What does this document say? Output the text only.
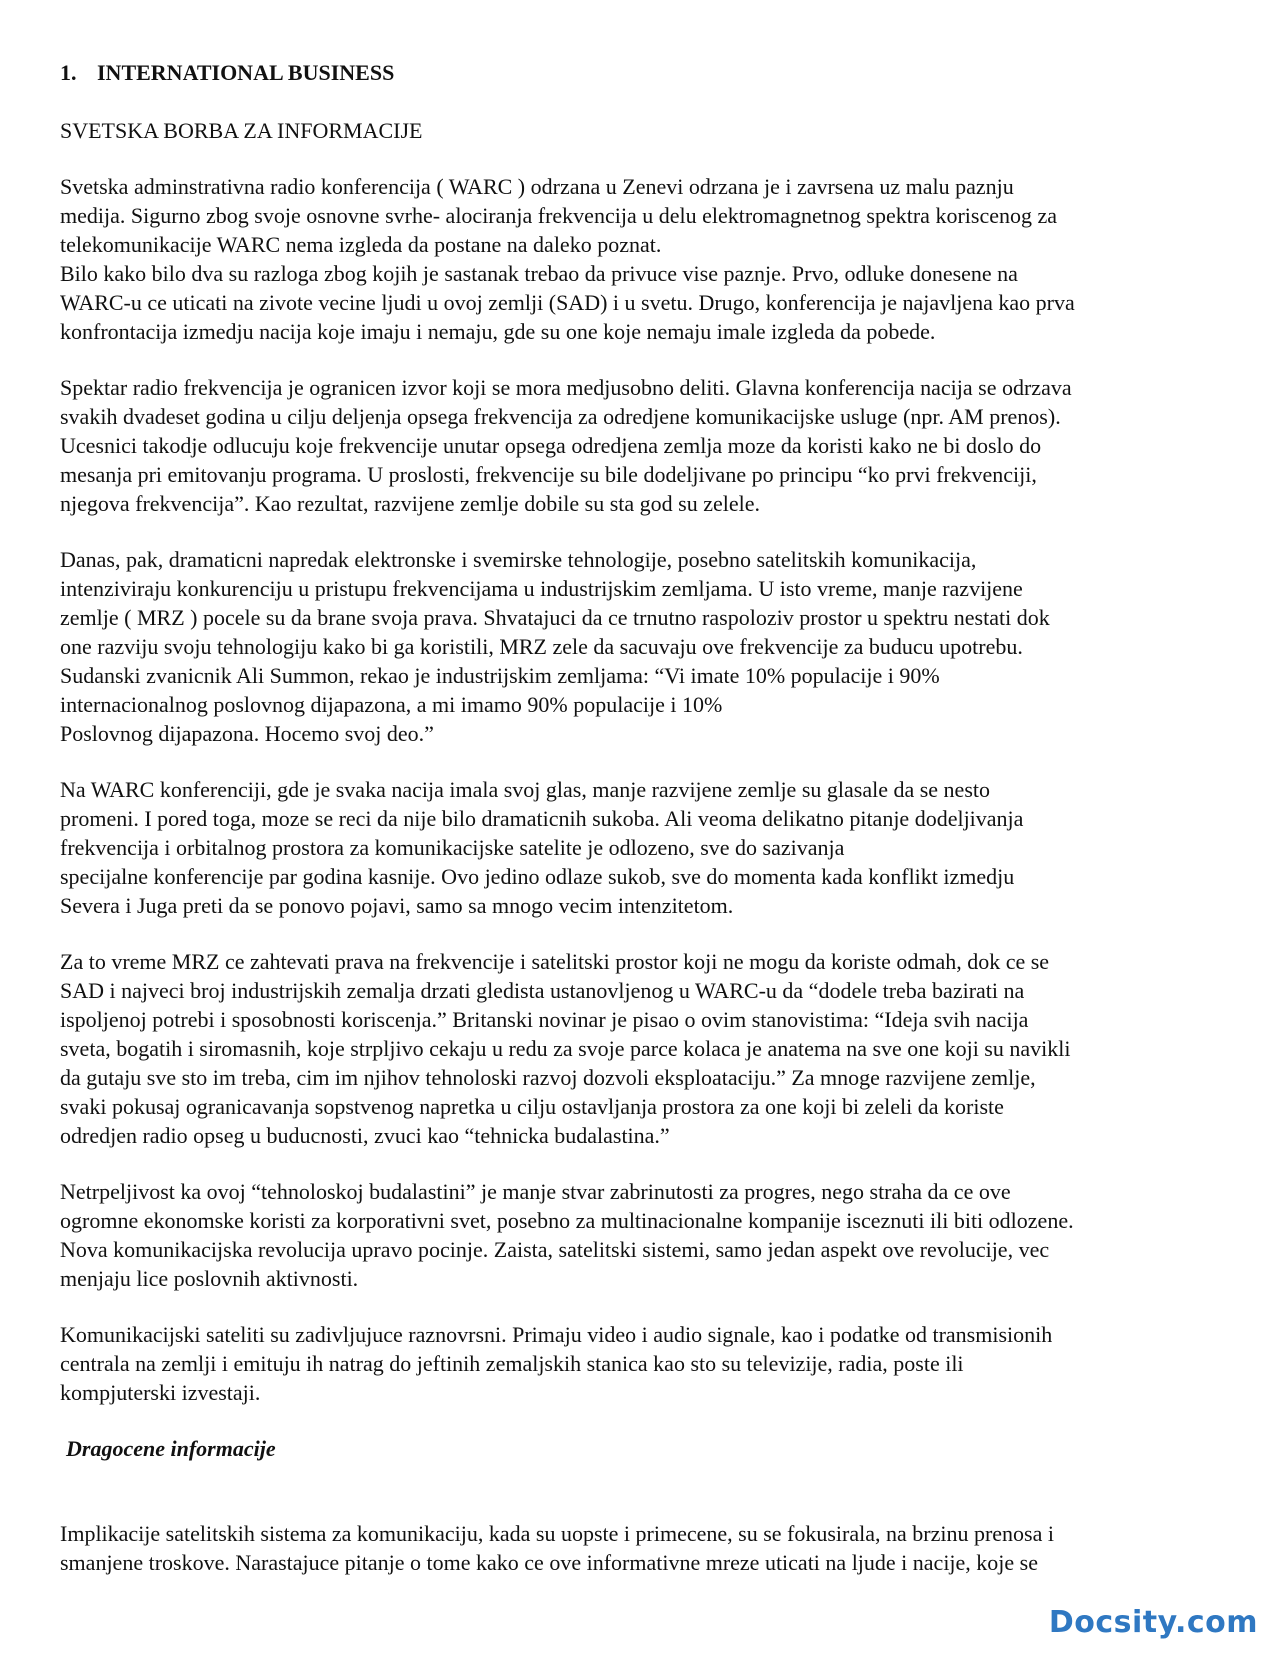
1. INTERNATIONAL BUSINESS
SVETSKA BORBA ZA INFORMACIJE
Svetska adminstrativna radio konferencija ( WARC ) odrzana u Zenevi odrzana je i zavrsena uz malu paznju
medija. Sigurno zbog svoje osnovne svrhe- alociranja frekvencija u delu elektromagnetnog spektra koriscenog za
telekomunikacije WARC nema izgleda da postane na daleko poznat.
Bilo kako bilo dva su razloga zbog kojih je sastanak trebao da privuce vise paznje. Prvo, odluke donesene na
WARC-u ce uticati na zivote vecine ljudi u ovoj zemlji (SAD) i u svetu. Drugo, konferencija je najavljena kao prva
konfrontacija izmedju nacija koje imaju i nemaju, gde su one koje nemaju imale izgleda da pobede.
Spektar radio frekvencija je ogranicen izvor koji se mora medjusobno deliti. Glavna konferencija nacija se odrzava
svakih dvadeset godina u cilju deljenja opsega frekvencija za odredjene komunikacijske usluge (npr. AM prenos).
Ucesnici takodje odlucuju koje frekvencije unutar opsega odredjena zemlja moze da koristi kako ne bi doslo do
mesanja pri emitovanju programa. U proslosti, frekvencije su bile dodeljivane po principu “ko prvi frekvenciji,
njegova frekvencija”. Kao rezultat, razvijene zemlje dobile su sta god su zelele.
Danas, pak, dramaticni napredak elektronske i svemirske tehnologije, posebno satelitskih komunikacija,
intenziviraju konkurenciju u pristupu frekvencijama u industrijskim zemljama. U isto vreme, manje razvijene
zemlje ( MRZ ) pocele su da brane svoja prava. Shvatajuci da ce trnutno raspoloziv prostor u spektru nestati dok
one razviju svoju tehnologiju kako bi ga koristili, MRZ zele da sacuvaju ove frekvencije za buducu upotrebu.
Sudanski zvanicnik Ali Summon, rekao je industrijskim zemljama: “Vi imate 10% populacije i 90%
internacionalnog poslovnog dijapazona, a mi imamo 90% populacije i 10%
Poslovnog dijapazona. Hocemo svoj deo.”
Na WARC konferenciji, gde je svaka nacija imala svoj glas, manje razvijene zemlje su glasale da se nesto
promeni. I pored toga, moze se reci da nije bilo dramaticnih sukoba. Ali veoma delikatno pitanje dodeljivanja
frekvencija i orbitalnog prostora za komunikacijske satelite je odlozeno, sve do sazivanja
specijalne konferencije par godina kasnije. Ovo jedino odlaze sukob, sve do momenta kada konflikt izmedju
Severa i Juga preti da se ponovo pojavi, samo sa mnogo vecim intenzitetom.
Za to vreme MRZ ce zahtevati prava na frekvencije i satelitski prostor koji ne mogu da koriste odmah, dok ce se
SAD i najveci broj industrijskih zemalja drzati gledista ustanovljenog u WARC-u da “dodele treba bazirati na
ispoljenoj potrebi i sposobnosti koriscenja.” Britanski novinar je pisao o ovim stanovistima: “Ideja svih nacija
sveta, bogatih i siromasnih, koje strpljivo cekaju u redu za svoje parce kolaca je anatema na sve one koji su navikli
da gutaju sve sto im treba, cim im njihov tehnoloski razvoj dozvoli eksploataciju.” Za mnoge razvijene zemlje,
svaki pokusaj ogranicavanja sopstvenog napretka u cilju ostavljanja prostora za one koji bi zeleli da koriste
odredjen radio opseg u buducnosti, zvuci kao “tehnicka budalastina.”
Netrpeljivost ka ovoj “tehnoloskoj budalastini” je manje stvar zabrinutosti za progres, nego straha da ce ove
ogromne ekonomske koristi za korporativni svet, posebno za multinacionalne kompanije isceznuti ili biti odlozene.
Nova komunikacijska revolucija upravo pocinje. Zaista, satelitski sistemi, samo jedan aspekt ove revolucije, vec
menjaju lice poslovnih aktivnosti.
Komunikacijski sateliti su zadivljujuce raznovrsni. Primaju video i audio signale, kao i podatke od transmisionih
centrala na zemlji i emituju ih natrag do jeftinih zemaljskih stanica kao sto su televizije, radia, poste ili
kompjuterski izvestaji.
Dragocene informacije
Implikacije satelitskih sistema za komunikaciju, kada su uopste i primecene, su se fokusirala, na brzinu prenosa i
smanjene troskove. Narastajuce pitanje o tome kako ce ove informativne mreze uticati na ljude i nacije, koje se
Docsity.com
